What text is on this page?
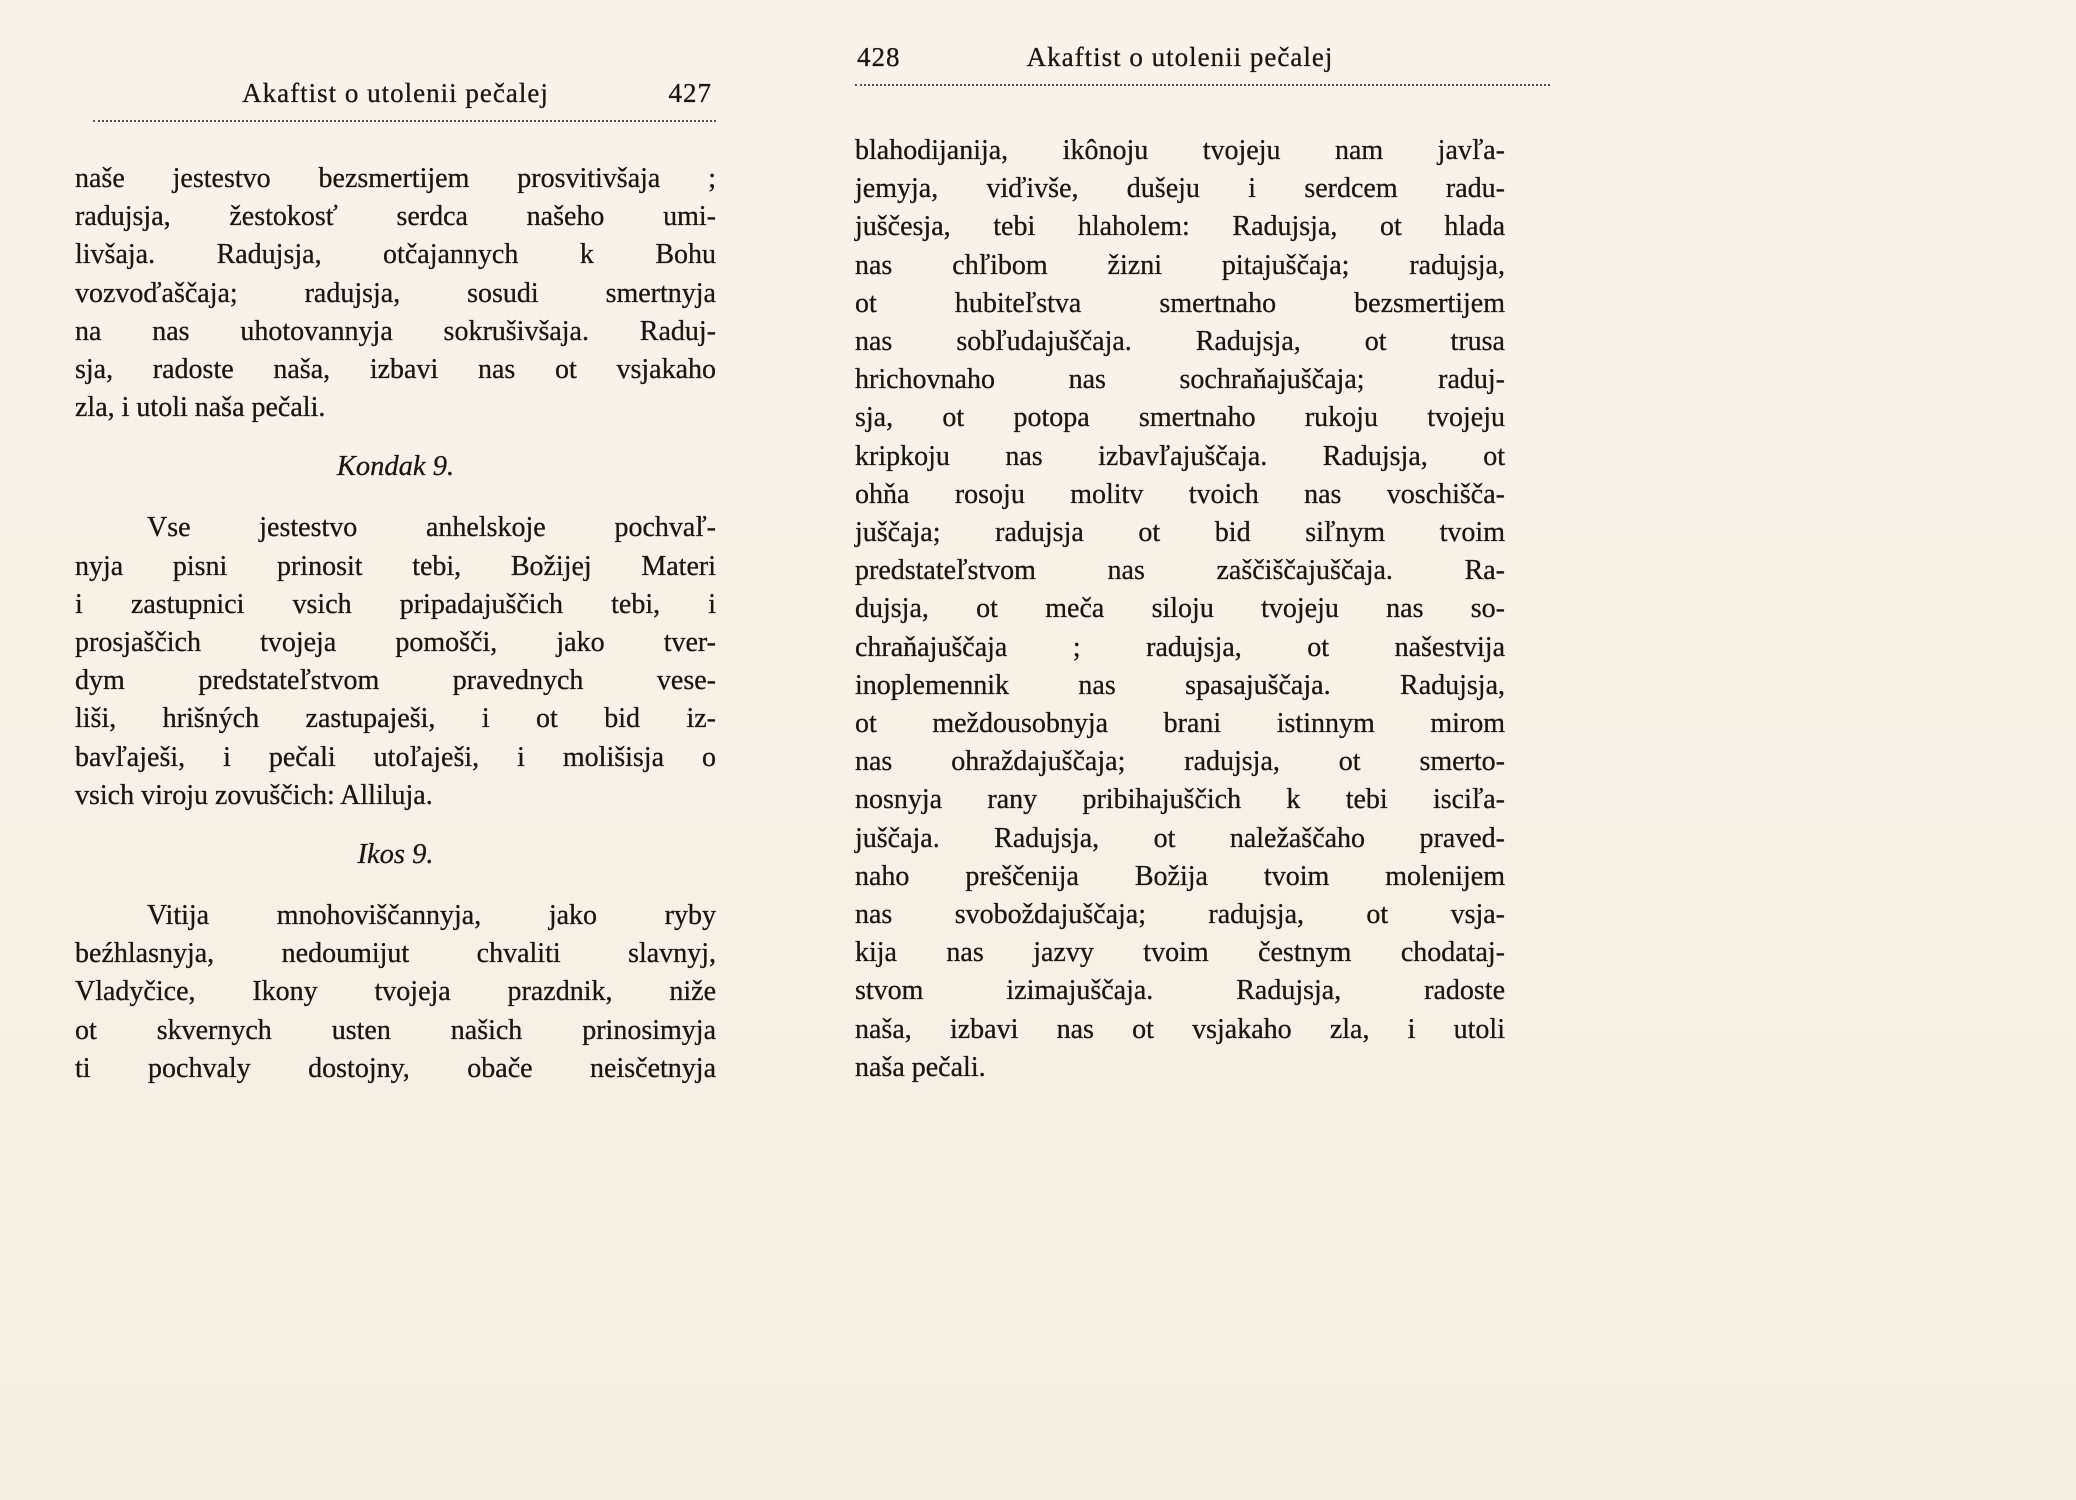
Akaftist o utolenii pečalej	427
naše jestestvo bezsmertijem prosvitivšaja ;
radujsja, žestokosť serdca našeho umi-
livšaja. Radujsja, otčajannych k Bohu
vozvoďaščaja; radujsja, sosudi smertnyja
na nas uhotovannyja sokrušivšaja. Raduj-
sja, radoste naša, izbavi nas ot vsjakaho
zla, i utoli naša pečali.
Kondak 9.
Vse jestestvo anhelskoje pochvaľ-
nyja pisni prinosit tebi, Božijej Materi
i zastupnici vsich pripadajuščich tebi, i
prosjaščich tvojeja pomošči, jako tver-
dym predstateľstvom pravednych vese-
liši, hrišných zastupaješi, i ot bid iz-
bavľaješi, i pečali utoľaješi, i molišisja o
vsich viroju zovuščich: Alliluja.
Ikos 9.
Vitija mnohoviščannyja, jako ryby
beźhlasnyja, nedoumijut chvaliti slavnyj,
Vladyčice, Ikony tvojeja prazdnik, niže
ot skvernych usten našich prinosimyja
ti pochvaly dostojny, obače neisčetnyja
428	Akaftist o utolenii pečalej
blahodijanija, ikônoju tvojeju nam javľa-
jemyja, viďivše, dušeju i serdcem radu-
juščesja, tebi hlaholem: Radujsja, ot hlada
nas chľibom žizni pitajuščaja; radujsja,
ot hubiteľstva smertnaho bezsmertijem
nas sobľudajuščaja. Radujsja, ot trusa
hrichovnaho nas sochraňajuščaja; raduj-
sja, ot potopa smertnaho rukoju tvojeju
kripkoju nas izbavľajuščaja. Radujsja, ot
ohňa rosoju molitv tvoich nas voschišča-
juščaja; radujsja ot bid siľnym tvoim
predstateľstvom nas zaščiščajuščaja. Ra-
dujsja, ot meča siloju tvojeju nas so-
chraňajuščaja ; radujsja, ot našestvija
inoplemennik nas spasajuščaja. Radujsja,
ot meždousobnyja brani istinnym mirom
nas ohraždajuščaja; radujsja, ot smerto-
nosnyja rany pribihajuščich k tebi isciľa-
juščaja. Radujsja, ot naležaščaho praved-
naho preščenija Božija tvoim molenijem
nas svoboždajuščaja; radujsja, ot vsja-
kija nas jazvy tvoim čestnym chodataj-
stvom izimajuščaja. Radujsja, radoste
naša, izbavi nas ot vsjakaho zla, i utoli
naša pečali.
